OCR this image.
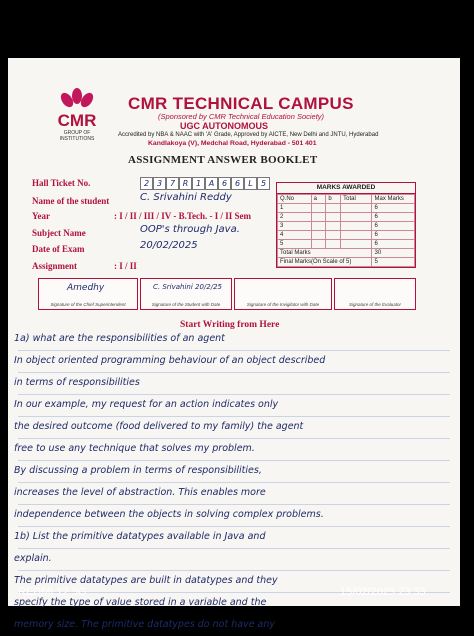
CMR
GROUP OF INSTITUTIONS
CMR TECHNICAL CAMPUS
(Sponsored by CMR Technical Education Society)
UGC AUTONOMOUS
Accredited by NBA & NAAC with 'A' Grade, Approved by AICTE, New Delhi and JNTU, Hyderabad
Kandlakoya (V), Medchal Road, Hyderabad - 501 401
ASSIGNMENT ANSWER BOOKLET
Hall Ticket No.	2 3 7 R 1 A 6 6	L	5
Name of the student	C. Srivahini Reddy
Year	: I / II / III / IV - B.Tech. - I / II Sem
Subject Name	OOP's through Java.
Date of Exam	20/02/2025
Assignment	: I / II
MARKS AWARDED
Q.No	a	b	Total	Max Marks
1				6
2				6
3				6
4				6
5				6
Total Marks				30
Final Marks(On Scale of 5)				5
Amedhy
Signature of the Chief Superintendent
C. Srivahini 20/2/25
Signature of the Student with Date	Signature of the Invigilator with Date	Signature of the Evaluator
Start Writing from Here
1a) what are the responsibilities of an agent
In object oriented programming behaviour of an object described
in terms of responsibilities
In our example, my request for an action indicates only
the desired outcome (food delivered to my family) the agent
free to use any technique that solves my problem.
By discussing a problem in terms of responsibilities,
increases the level of abstraction. This enables more
independence between the objects in solving complex problems.
1b) List the primitive datatypes available in Java and
explain.
The primitive datatypes are built in datatypes and they
specify the type of value stored in a variable and the
memory size. The primitive datatypes do not have any
REDMI 12 5G	15/02/2025 23:33
